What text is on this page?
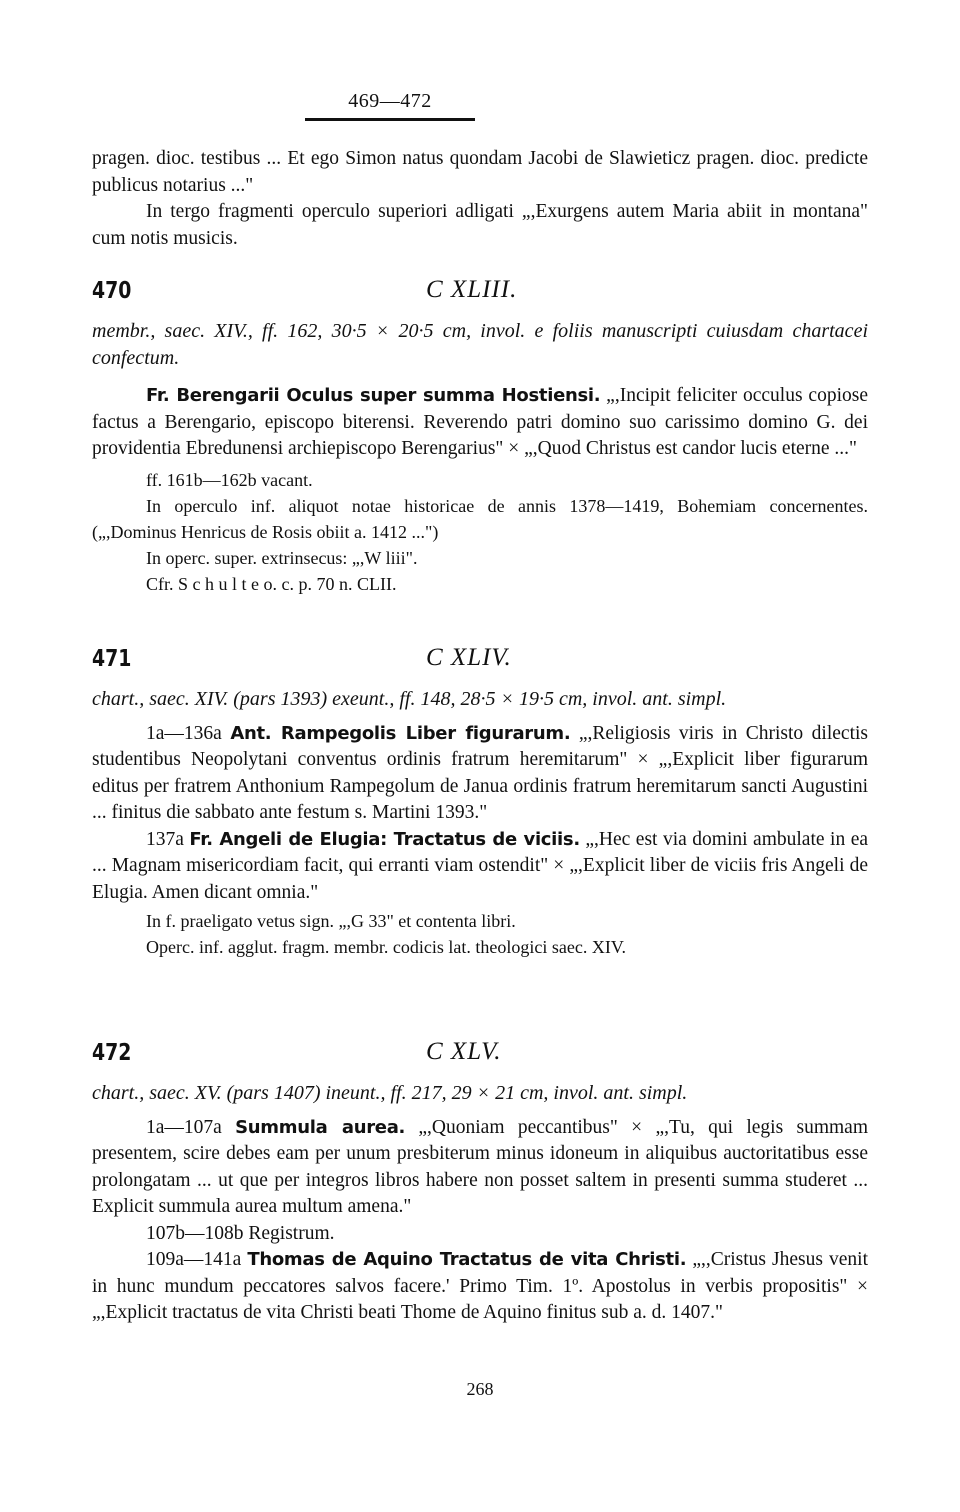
469—472

pragen. dioc. testibus ... Et ego Simon natus quondam Jacobi de Slawieticz pragen. dioc. predicte publicus notarius ..."

In tergo fragmenti operculo superiori adligati „,Exurgens autem Maria abiit in montana" cum notis musicis.

470	C XLIII.

membr., saec. XIV., ff. 162, 30·5 × 20·5 cm, invol. e foliis manuscripti cuiusdam chartacei confectum.

Fr. Berengarii Oculus super summa Hostiensi. „,Incipit feliciter occulus copiose factus a Berengario, episcopo biterensi. Reverendo patri domino suo carissimo domino G. dei providentia Ebredunensi archiepiscopo Berengarius" × „,Quod Christus est candor lucis eterne ..."

ff. 161b—162b vacant.

In operculo inf. aliquot notae historicae de annis 1378—1419, Bohemiam concernentes. („,Dominus Henricus de Rosis obiit a. 1412 ...")

In operc. super. extrinsecus: „,W liii".

Cfr. S c h u l t e o. c. p. 70 n. CLII.

471	C XLIV.

chart., saec. XIV. (pars 1393) exeunt., ff. 148, 28·5 × 19·5 cm, invol. ant. simpl.

1a—136a Ant. Rampegolis Liber figurarum. „,Religiosis viris in Christo dilectis studentibus Neopolytani conventus ordinis fratrum heremitarum" × „,Explicit liber figurarum editus per fratrem Anthonium Rampegolum de Janua ordinis fratrum heremitarum sancti Augustini ... finitus die sabbato ante festum s. Martini 1393."

137a Fr. Angeli de Elugia: Tractatus de viciis. „,Hec est via domini ambulate in ea ... Magnam misericordiam facit, qui erranti viam ostendit" × „,Explicit liber de viciis fris Angeli de Elugia. Amen dicant omnia."

In f. praeligato vetus sign. „,G 33" et contenta libri.

Operc. inf. agglut. fragm. membr. codicis lat. theologici saec. XIV.

472	C XLV.

chart., saec. XV. (pars 1407) ineunt., ff. 217, 29 × 21 cm, invol. ant. simpl.

1a—107a Summula aurea. „,Quoniam peccantibus" × „,Tu, qui legis summam presentem, scire debes eam per unum presbiterum minus idoneum in aliquibus auctoritatibus esse prolongatam ... ut que per integros libros habere non posset saltem in presenti summa studeret ... Explicit summula aurea multum amena."

107b—108b Registrum.

109a—141a Thomas de Aquino Tractatus de vita Christi. „,,Cristus Jhesus venit in hunc mundum peccatores salvos facere.' Primo Tim. 1º. Apostolus in verbis propositis" × „,Explicit tractatus de vita Christi beati Thome de Aquino finitus sub a. d. 1407."

268
